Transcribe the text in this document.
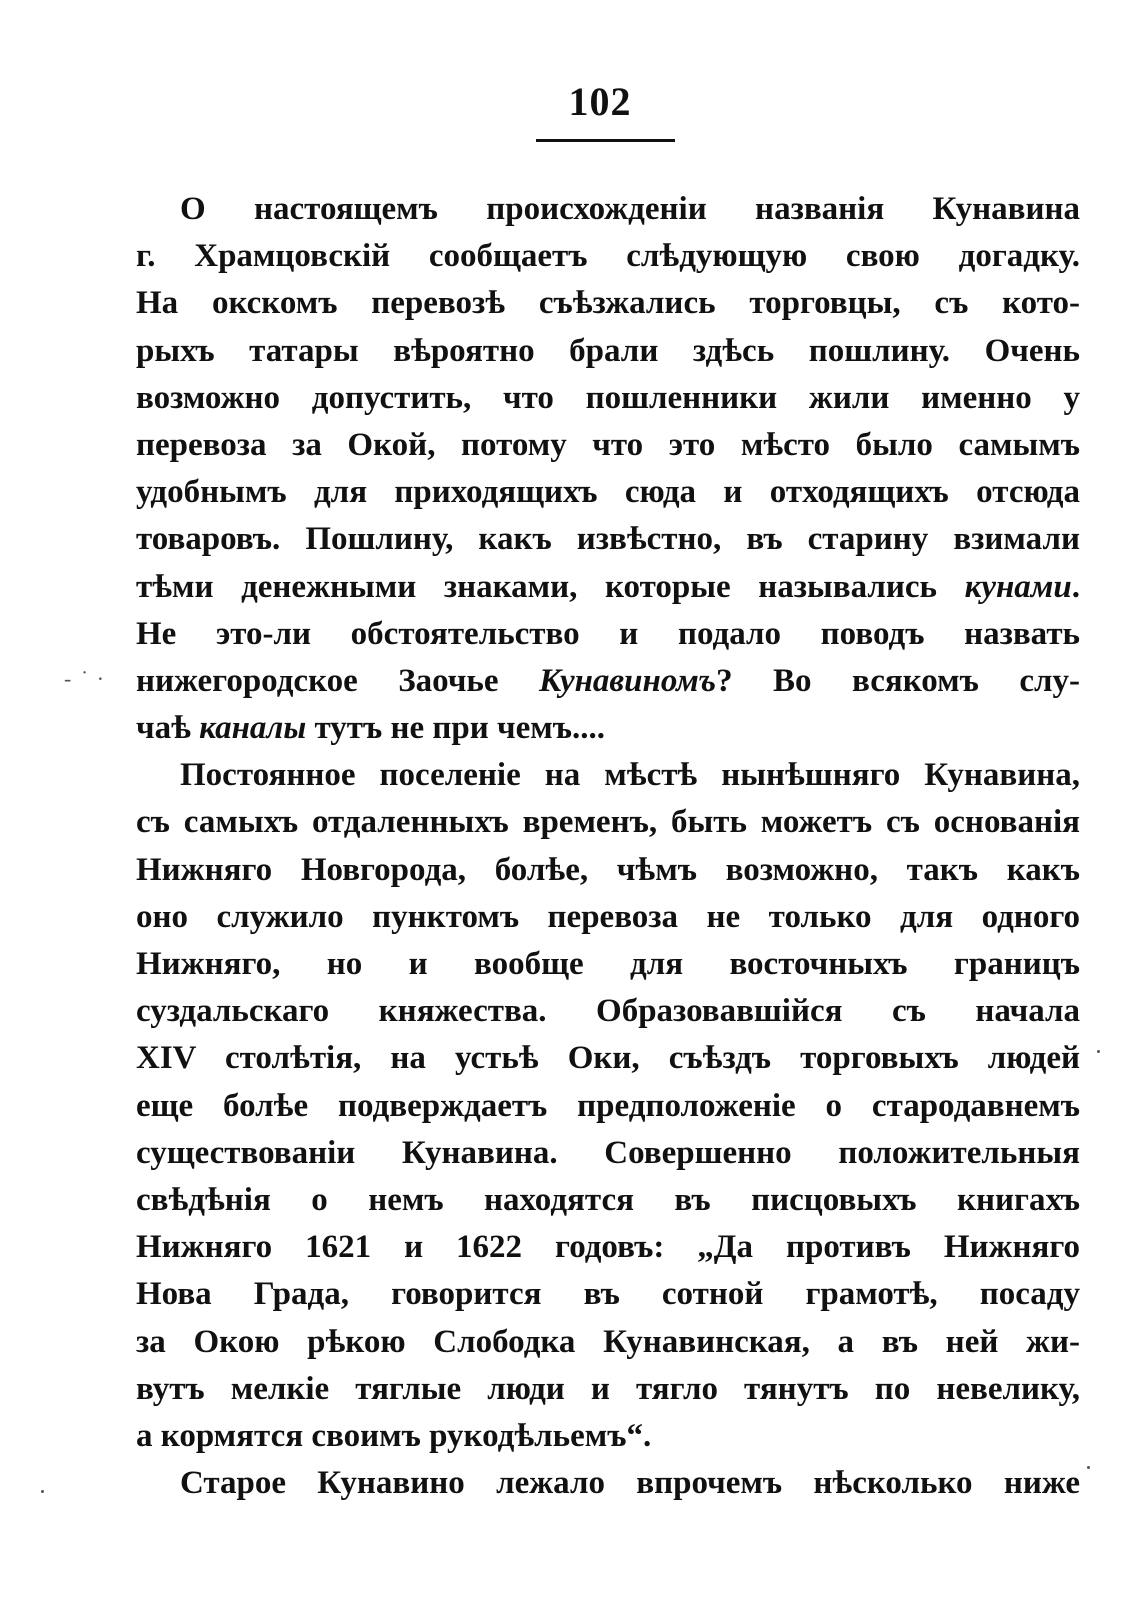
102
‐ ˙ ∙

О настоящемъ происхожденіи названія Кунавина
г. Храмцовскій сообщаетъ слѣдующую свою догадку.
На окскомъ перевозѣ съѣзжались торговцы, съ кото-
рыхъ татары вѣроятно брали здѣсь пошлину. Очень
возможно допустить, что пошленники жили именно у
перевоза за Окой, потому что это мѣсто было самымъ
удобнымъ для приходящихъ сюда и отходящихъ отсюда
товаровъ. Пошлину, какъ извѣстно, въ старину взимали
тѣми денежными знаками, которые назывались кунами.
Не это-ли обстоятельство и подало поводъ назвать
нижегородское Заочье Кунавиномъ? Во всякомъ слу-
чаѣ каналы тутъ не при чемъ....

Постоянное поселеніе на мѣстѣ нынѣшняго Кунавина,
съ самыхъ отдаленныхъ временъ, быть можетъ съ основанія
Нижняго Новгорода, болѣе, чѣмъ возможно, такъ какъ
оно служило пунктомъ перевоза не только для одного
Нижняго, но и вообще для восточныхъ границъ
суздальскаго княжества. Образовавшійся съ начала
XIV столѣтія, на устьѣ Оки, съѣздъ торговыхъ людей
еще болѣе подверждаетъ предположеніе о стародавнемъ
существованіи Кунавина. Совершенно положительныя
свѣдѣнія о немъ находятся въ писцовыхъ книгахъ
Нижняго 1621 и 1622 годовъ: „Да противъ Нижняго
Нова Града, говорится въ сотной грамотѣ, посаду
за Окою рѣкою Слободка Кунавинская, а въ ней жи-
вутъ мелкіе тяглые люди и тягло тянутъ по невелику,
а кормятся своимъ рукодѣльемъ“.

Старое Кунавино лежало впрочемъ нѣсколько ниже
